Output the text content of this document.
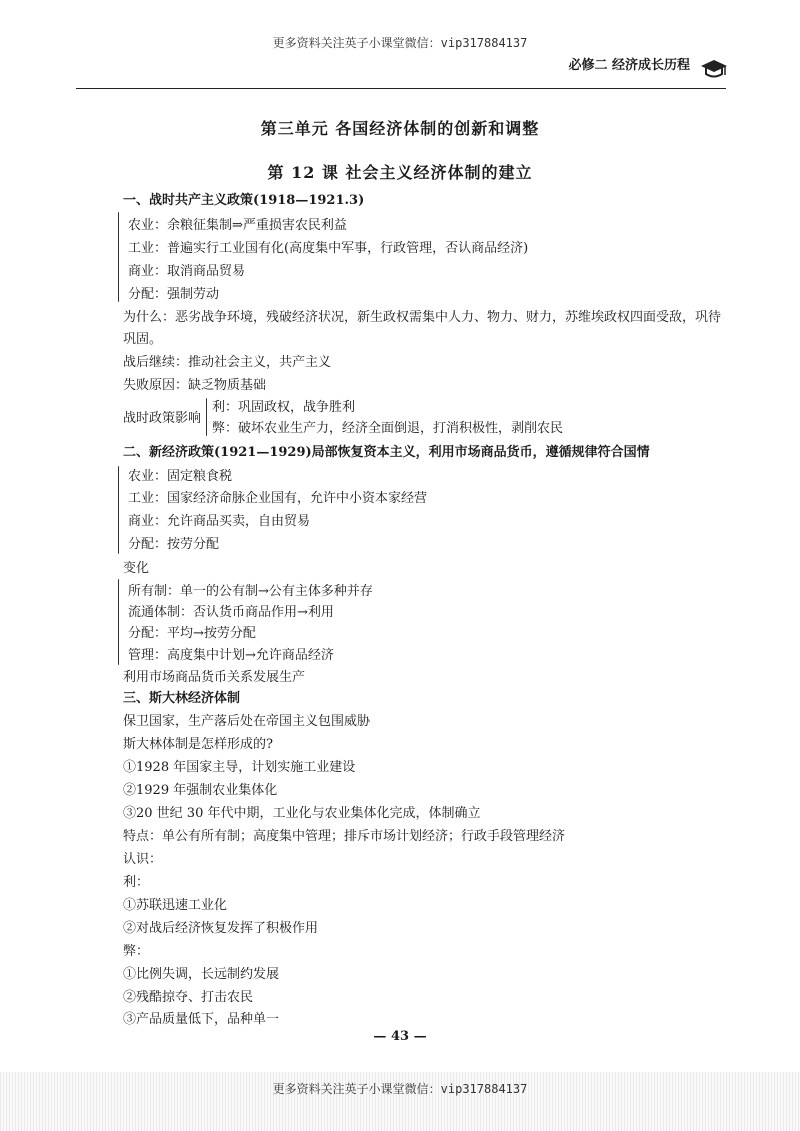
更多资料关注英子小课堂微信：vip317884137
必修二 经济成长历程
第三单元 各国经济体制的创新和调整
第 12 课 社会主义经济体制的建立
一、战时共产主义政策(1918—1921.3)
农业：余粮征集制⇒严重损害农民利益
工业：普遍实行工业国有化(高度集中军事，行政管理，否认商品经济)
商业：取消商品贸易
分配：强制劳动
为什么：恶劣战争环境，残破经济状况，新生政权需集中人力、物力、财力，苏维埃政权四面受敌，巩待
巩固。
战后继续：推动社会主义，共产主义
失败原因：缺乏物质基础
战时政策影响
利：巩固政权，战争胜利
弊：破坏农业生产力，经济全面倒退，打消积极性，剥削农民
二、新经济政策(1921—1929)局部恢复资本主义，利用市场商品货币，遵循规律符合国情
农业：固定粮食税
工业：国家经济命脉企业国有，允许中小资本家经营
商业：允许商品买卖，自由贸易
分配：按劳分配
变化
所有制：单一的公有制→公有主体多种并存
流通体制：否认货币商品作用→利用
分配：平均→按劳分配
管理：高度集中计划→允许商品经济
利用市场商品货币关系发展生产
三、斯大林经济体制
保卫国家，生产落后处在帝国主义包围威胁
斯大林体制是怎样形成的?
①1928 年国家主导，计划实施工业建设
②1929 年强制农业集体化
③20 世纪 30 年代中期，工业化与农业集体化完成，体制确立
特点：单公有所有制；高度集中管理；排斥市场计划经济；行政手段管理经济
认识：
利：
①苏联迅速工业化
②对战后经济恢复发挥了积极作用
弊：
①比例失调，长远制约发展
②残酷掠夺、打击农民
③产品质量低下，品种单一
— 43 —
更多资料关注英子小课堂微信：vip317884137
